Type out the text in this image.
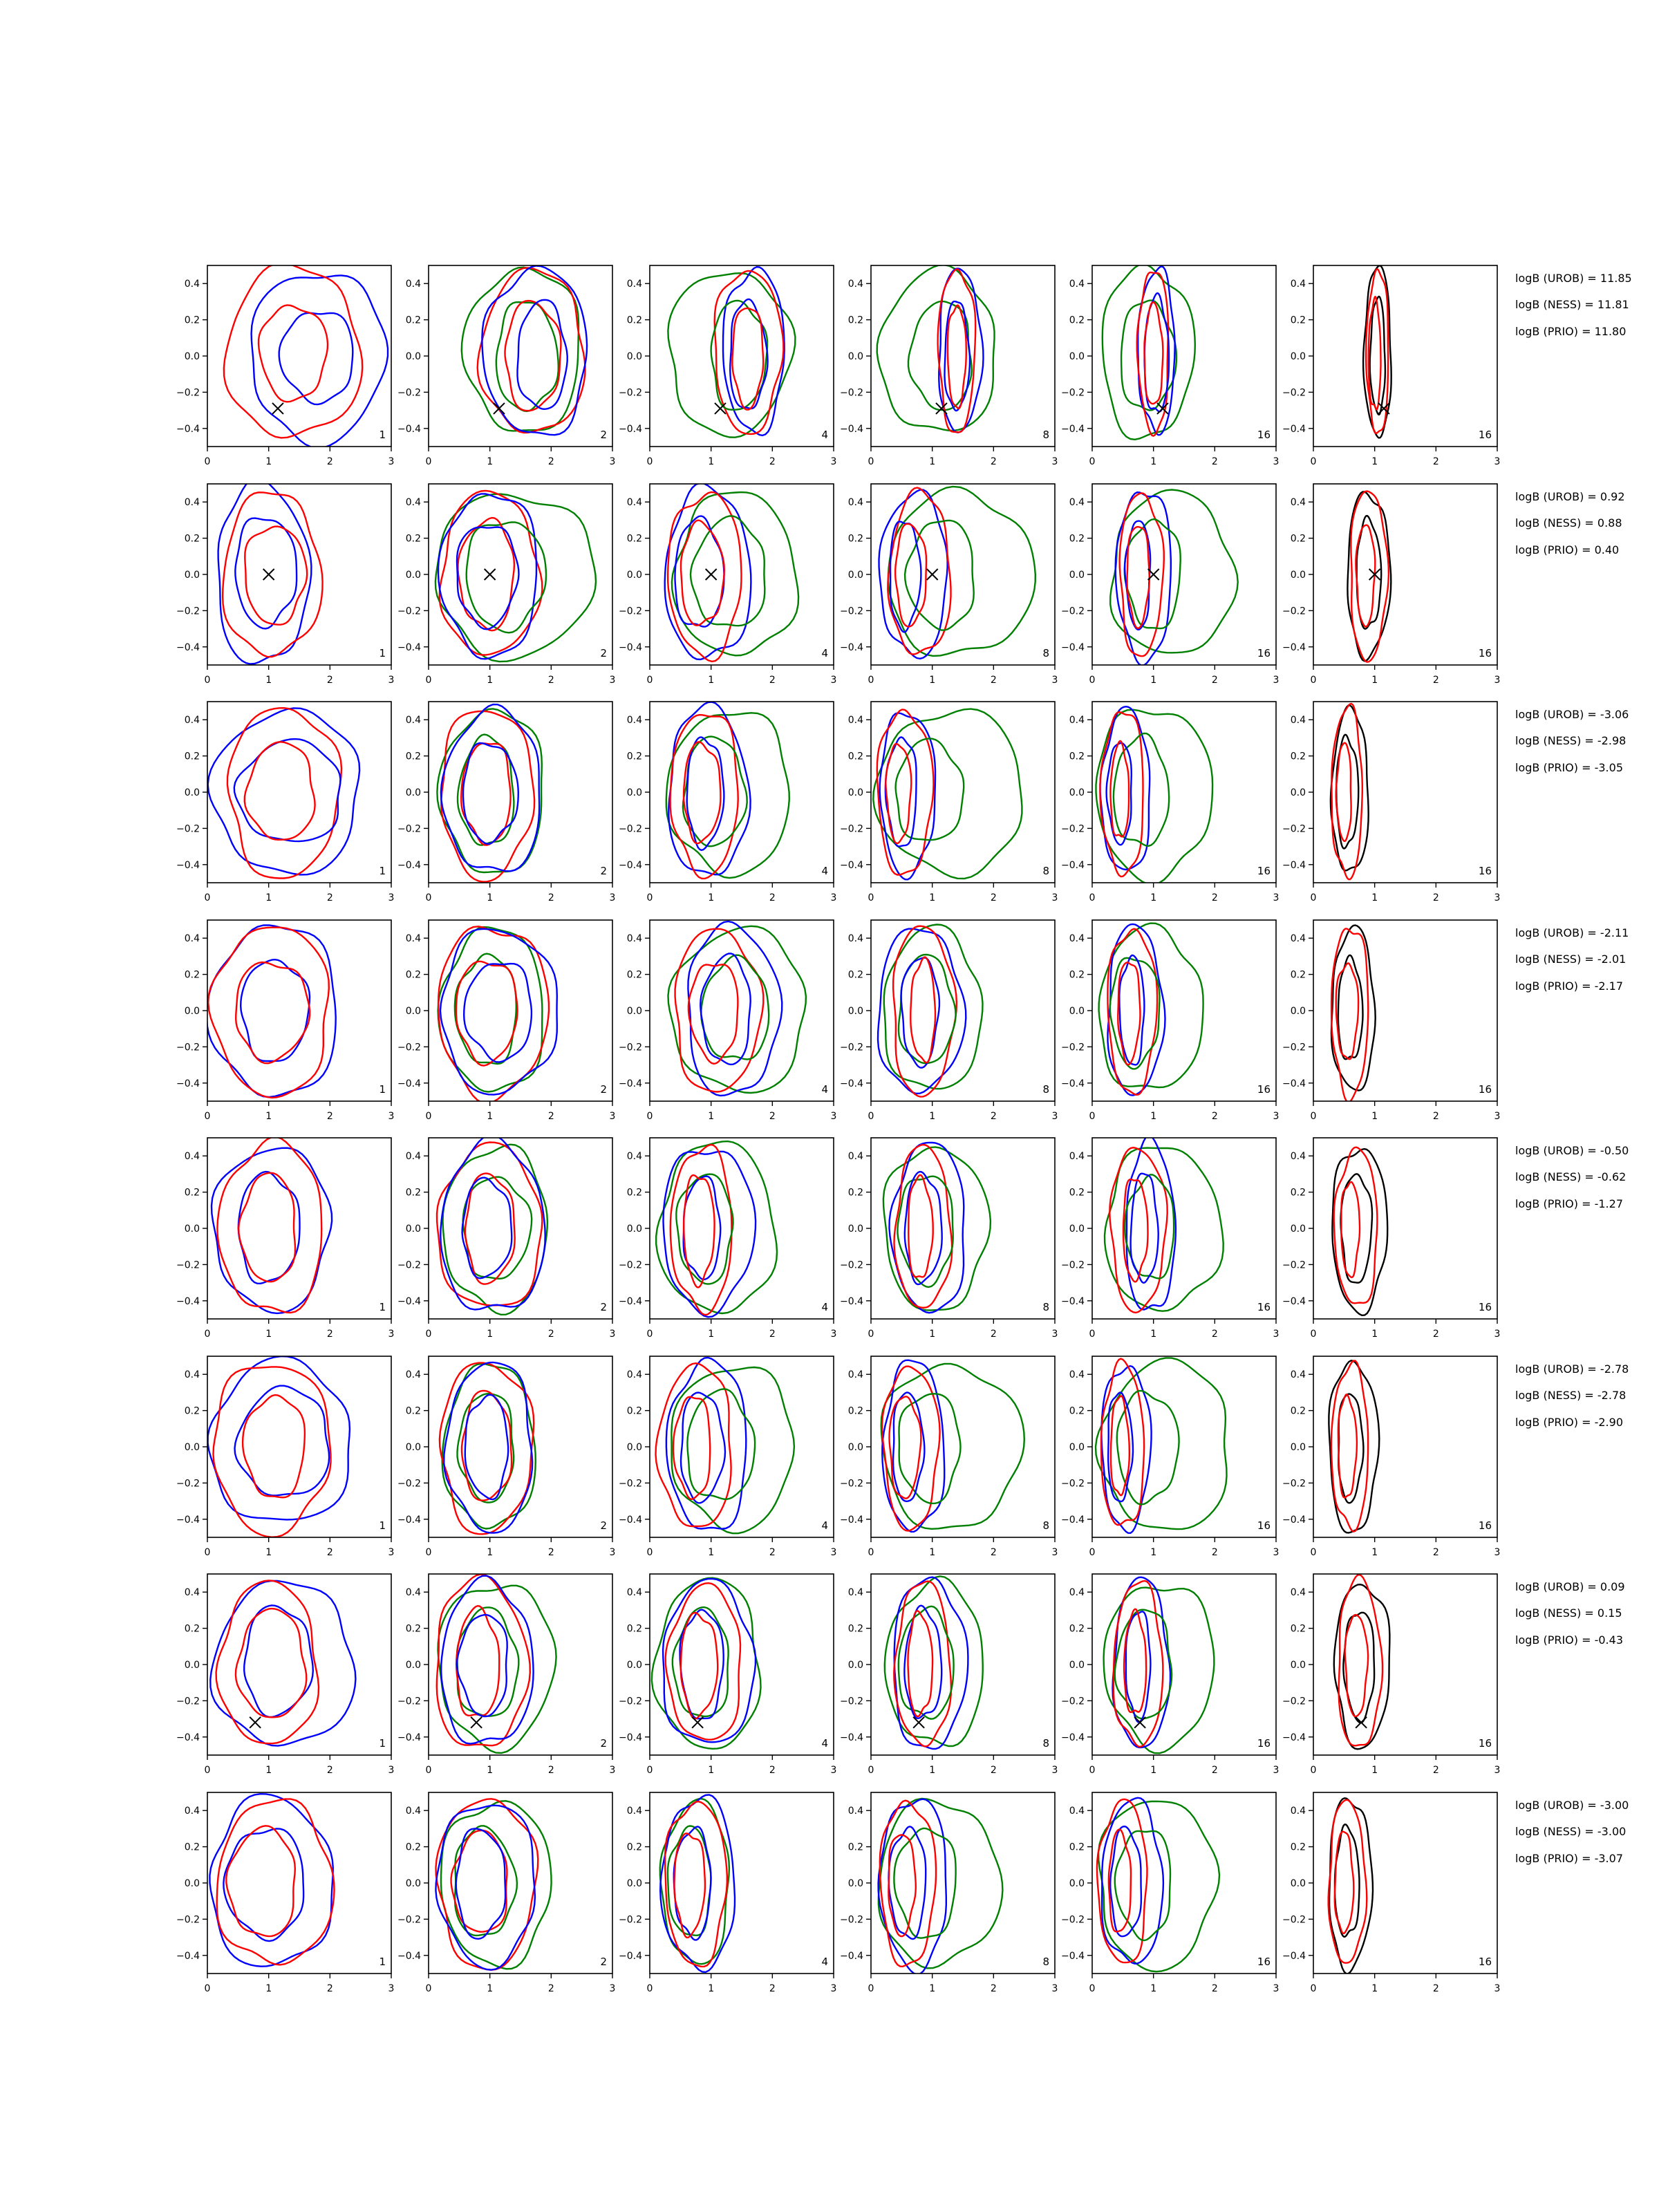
0	1	2	3
−0.4
−0.2
0.0
0.2
0.4
1
0	1	2	3
−0.4
−0.2
0.0
0.2
0.4
2
0	1	2	3
−0.4
−0.2
0.0
0.2
0.4
4
0	1	2	3
−0.4
−0.2
0.0
0.2
0.4
8
0	1	2	3
−0.4
−0.2
0.0
0.2
0.4
16
0	1	2	3
−0.4
−0.2
0.0
0.2
0.4
16
logB (UROB) = 11.85
logB (NESS) = 11.81
logB (PRIO) = 11.80
0	1	2	3
−0.4
−0.2
0.0
0.2
0.4
1
0	1	2	3
−0.4
−0.2
0.0
0.2
0.4
2
0	1	2	3
−0.4
−0.2
0.0
0.2
0.4
4
0	1	2	3
−0.4
−0.2
0.0
0.2
0.4
8
0	1	2	3
−0.4
−0.2
0.0
0.2
0.4
16
0	1	2	3
−0.4
−0.2
0.0
0.2
0.4
16
logB (UROB) = 0.92
logB (NESS) = 0.88
logB (PRIO) = 0.40
0	1	2	3
−0.4
−0.2
0.0
0.2
0.4
1
0	1	2	3
−0.4
−0.2
0.0
0.2
0.4
2
0	1	2	3
−0.4
−0.2
0.0
0.2
0.4
4
0	1	2	3
−0.4
−0.2
0.0
0.2
0.4
8
0	1	2	3
−0.4
−0.2
0.0
0.2
0.4
16
0	1	2	3
−0.4
−0.2
0.0
0.2
0.4
16
logB (UROB) = -3.06
logB (NESS) = -2.98
logB (PRIO) = -3.05
0	1	2	3
−0.4
−0.2
0.0
0.2
0.4
1
0	1	2	3
−0.4
−0.2
0.0
0.2
0.4
2
0	1	2	3
−0.4
−0.2
0.0
0.2
0.4
4
0	1	2	3
−0.4
−0.2
0.0
0.2
0.4
8
0	1	2	3
−0.4
−0.2
0.0
0.2
0.4
16
0	1	2	3
−0.4
−0.2
0.0
0.2
0.4
16
logB (UROB) = -2.11
logB (NESS) = -2.01
logB (PRIO) = -2.17
0	1	2	3
−0.4
−0.2
0.0
0.2
0.4
1
0	1	2	3
−0.4
−0.2
0.0
0.2
0.4
2
0	1	2	3
−0.4
−0.2
0.0
0.2
0.4
4
0	1	2	3
−0.4
−0.2
0.0
0.2
0.4
8
0	1	2	3
−0.4
−0.2
0.0
0.2
0.4
16
0	1	2	3
−0.4
−0.2
0.0
0.2
0.4
16
logB (UROB) = -0.50
logB (NESS) = -0.62
logB (PRIO) = -1.27
0	1	2	3
−0.4
−0.2
0.0
0.2
0.4
1
0	1	2	3
−0.4
−0.2
0.0
0.2
0.4
2
0	1	2	3
−0.4
−0.2
0.0
0.2
0.4
4
0	1	2	3
−0.4
−0.2
0.0
0.2
0.4
8
0	1	2	3
−0.4
−0.2
0.0
0.2
0.4
16
0	1	2	3
−0.4
−0.2
0.0
0.2
0.4
16
logB (UROB) = -2.78
logB (NESS) = -2.78
logB (PRIO) = -2.90
0	1	2	3
−0.4
−0.2
0.0
0.2
0.4
1
0	1	2	3
−0.4
−0.2
0.0
0.2
0.4
2
0	1	2	3
−0.4
−0.2
0.0
0.2
0.4
4
0	1	2	3
−0.4
−0.2
0.0
0.2
0.4
8
0	1	2	3
−0.4
−0.2
0.0
0.2
0.4
16
0	1	2	3
−0.4
−0.2
0.0
0.2
0.4
16
logB (UROB) = 0.09
logB (NESS) = 0.15
logB (PRIO) = -0.43
0	1	2	3
−0.4
−0.2
0.0
0.2
0.4
1
0	1	2	3
−0.4
−0.2
0.0
0.2
0.4
2
0	1	2	3
−0.4
−0.2
0.0
0.2
0.4
4
0	1	2	3
−0.4
−0.2
0.0
0.2
0.4
8
0	1	2	3
−0.4
−0.2
0.0
0.2
0.4
16
0	1	2	3
−0.4
−0.2
0.0
0.2
0.4
16
logB (UROB) = -3.00
logB (NESS) = -3.00
logB (PRIO) = -3.07
